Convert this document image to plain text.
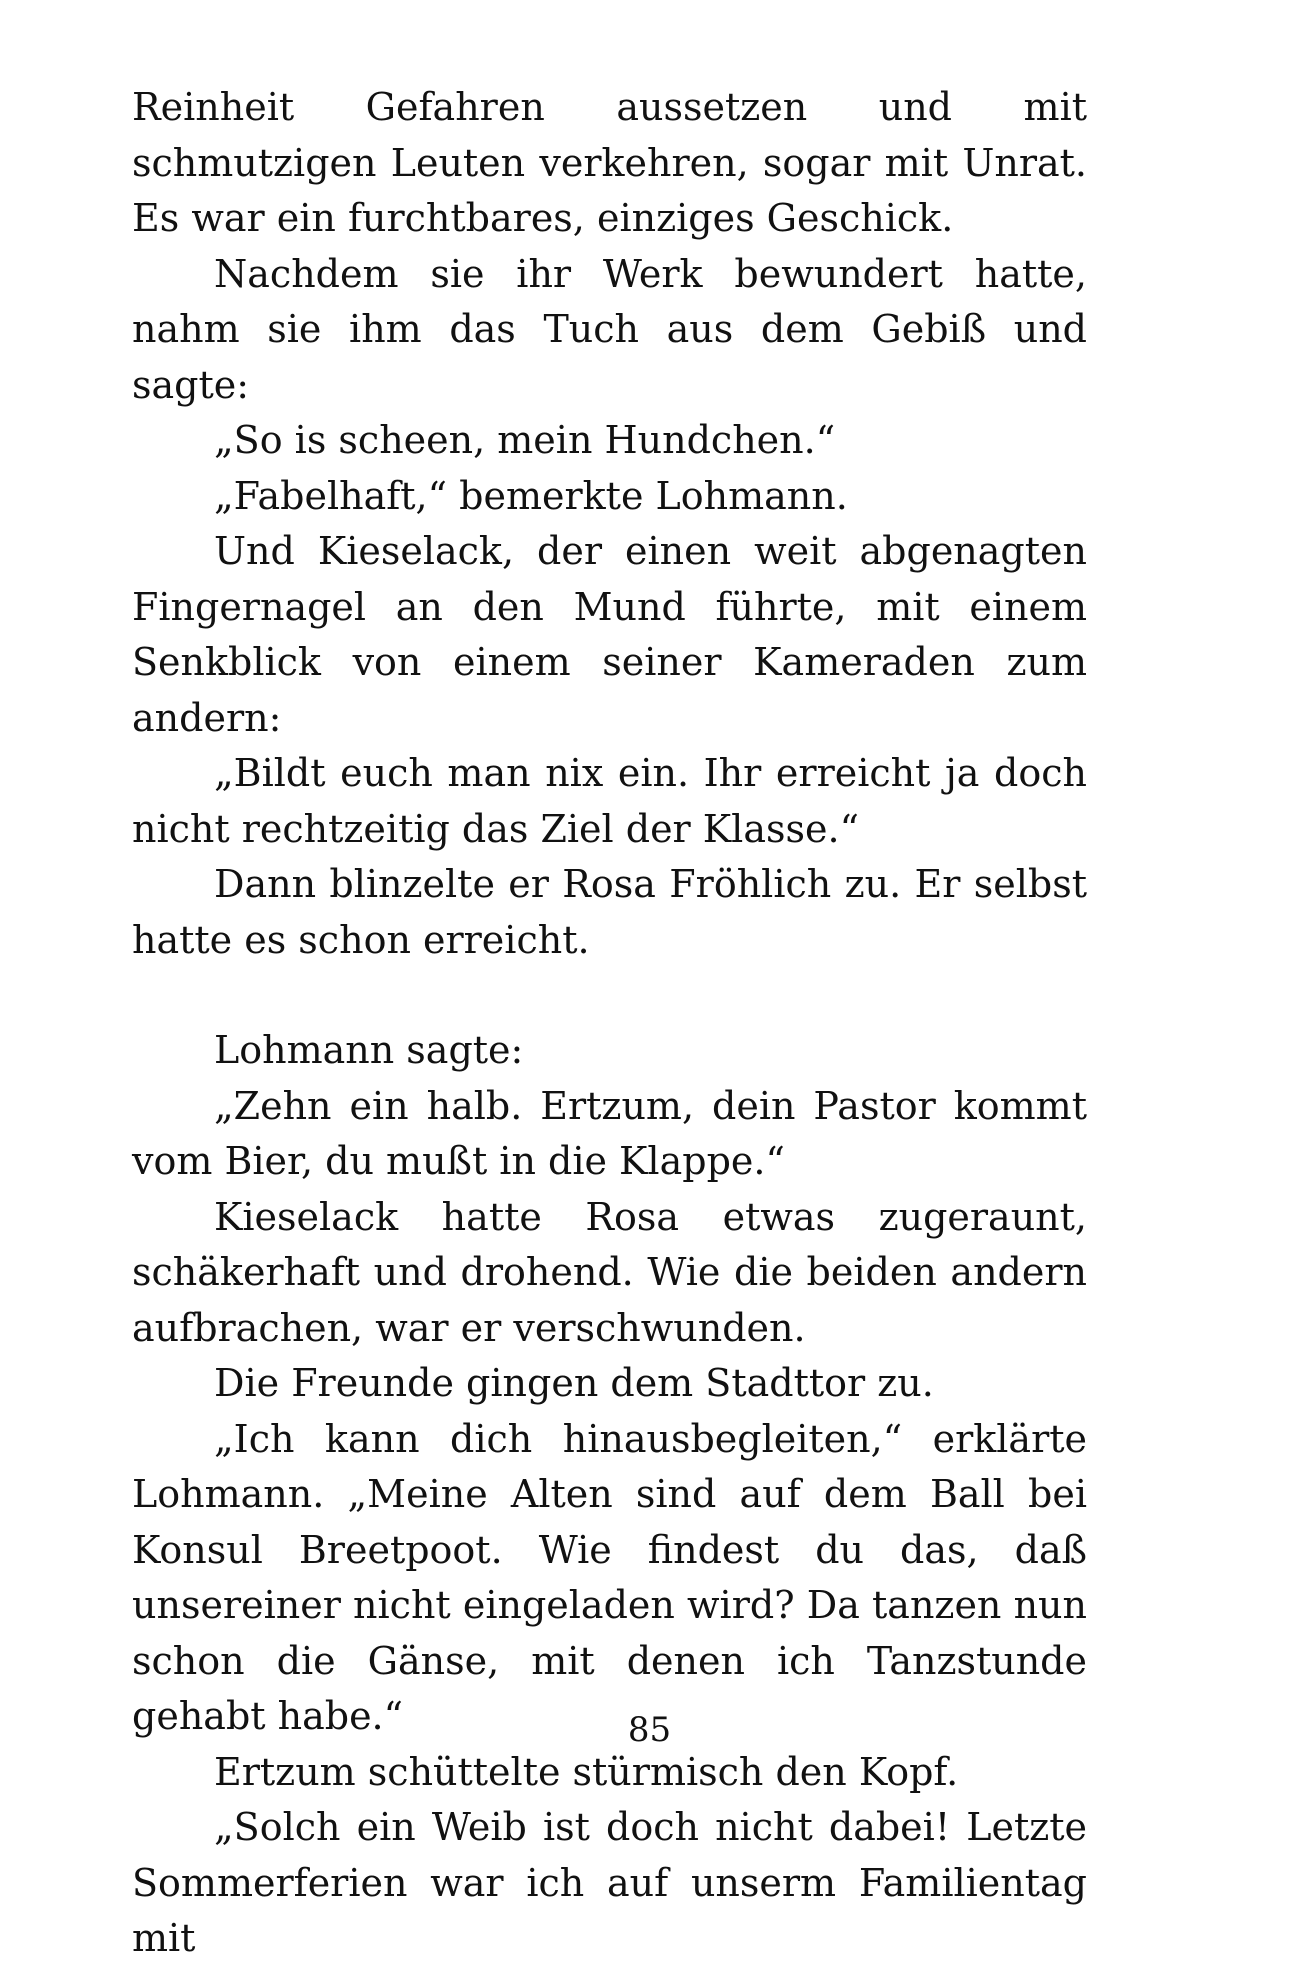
Reinheit Gefahren aussetzen und mit schmutzigen Leuten verkehren, sogar mit Unrat. Es war ein furchtbares, einziges Geschick.

Nachdem sie ihr Werk bewundert hatte, nahm sie ihm das Tuch aus dem Gebiß und sagte:

„So is scheen, mein Hundchen.“

„Fabelhaft,“ bemerkte Lohmann.

Und Kieselack, der einen weit abgenagten Fingernagel an den Mund führte, mit einem Senkblick von einem seiner Kameraden zum andern:

„Bildt euch man nix ein. Ihr erreicht ja doch nicht rechtzeitig das Ziel der Klasse.“

Dann blinzelte er Rosa Fröhlich zu. Er selbst hatte es schon erreicht.

Lohmann sagte:

„Zehn ein halb. Ertzum, dein Pastor kommt vom Bier, du mußt in die Klappe.“

Kieselack hatte Rosa etwas zugeraunt, schäkerhaft und drohend. Wie die beiden andern aufbrachen, war er verschwunden.

Die Freunde gingen dem Stadttor zu.

„Ich kann dich hinausbegleiten,“ erklärte Lohmann. „Meine Alten sind auf dem Ball bei Konsul Breetpoot. Wie findest du das, daß unsereiner nicht eingeladen wird? Da tanzen nun schon die Gänse, mit denen ich Tanzstunde gehabt habe.“

Ertzum schüttelte stürmisch den Kopf.

„Solch ein Weib ist doch nicht dabei! Letzte Sommerferien war ich auf unserm Familientag mit

85
